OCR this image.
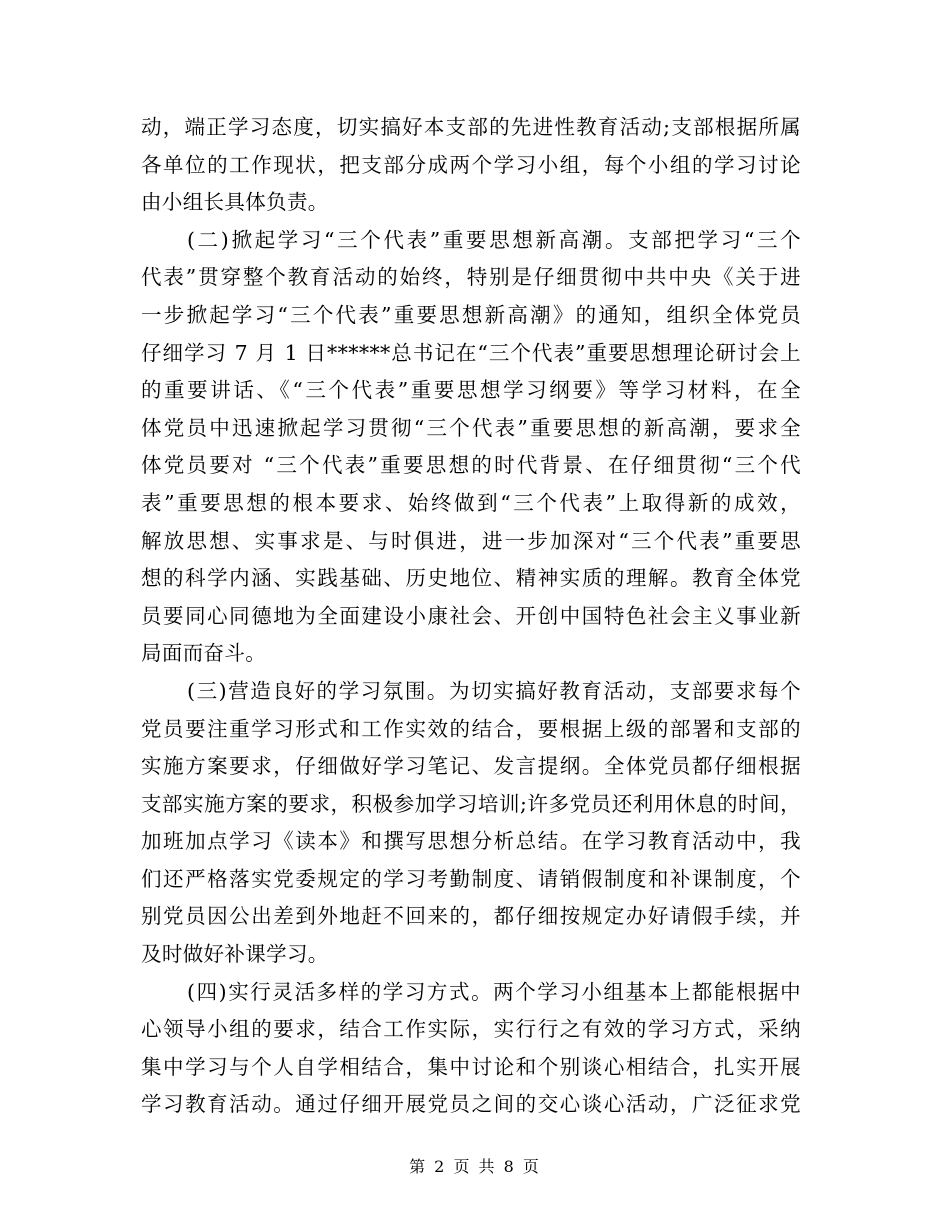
动，端正学习态度，切实搞好本支部的先进性教育活动;支部根据所属
各单位的工作现状，把支部分成两个学习小组，每个小组的学习讨论
由小组长具体负责。
(二)掀起学习“三个代表”重要思想新高潮。支部把学习“三个
代表”贯穿整个教育活动的始终，特别是仔细贯彻中共中央《关于进
一步掀起学习“三个代表”重要思想新高潮》的通知，组织全体党员
仔细学习 7 月 1 日******总书记在“三个代表”重要思想理论研讨会上
的重要讲话、《“三个代表”重要思想学习纲要》等学习材料，在全
体党员中迅速掀起学习贯彻“三个代表”重要思想的新高潮，要求全
体党员要对 “三个代表”重要思想的时代背景、在仔细贯彻“三个代
表”重要思想的根本要求、始终做到“三个代表”上取得新的成效，
解放思想、实事求是、与时俱进，进一步加深对“三个代表”重要思
想的科学内涵、实践基础、历史地位、精神实质的理解。教育全体党
员要同心同德地为全面建设小康社会、开创中国特色社会主义事业新
局面而奋斗。
(三)营造良好的学习氛围。为切实搞好教育活动，支部要求每个
党员要注重学习形式和工作实效的结合，要根据上级的部署和支部的
实施方案要求，仔细做好学习笔记、发言提纲。全体党员都仔细根据
支部实施方案的要求，积极参加学习培训;许多党员还利用休息的时间，
加班加点学习《读本》和撰写思想分析总结。在学习教育活动中，我
们还严格落实党委规定的学习考勤制度、请销假制度和补课制度，个
别党员因公出差到外地赶不回来的，都仔细按规定办好请假手续，并
及时做好补课学习。
(四)实行灵活多样的学习方式。两个学习小组基本上都能根据中
心领导小组的要求，结合工作实际，实行行之有效的学习方式，采纳
集中学习与个人自学相结合，集中讨论和个别谈心相结合，扎实开展
学习教育活动。通过仔细开展党员之间的交心谈心活动，广泛征求党
第 2 页 共 8 页
